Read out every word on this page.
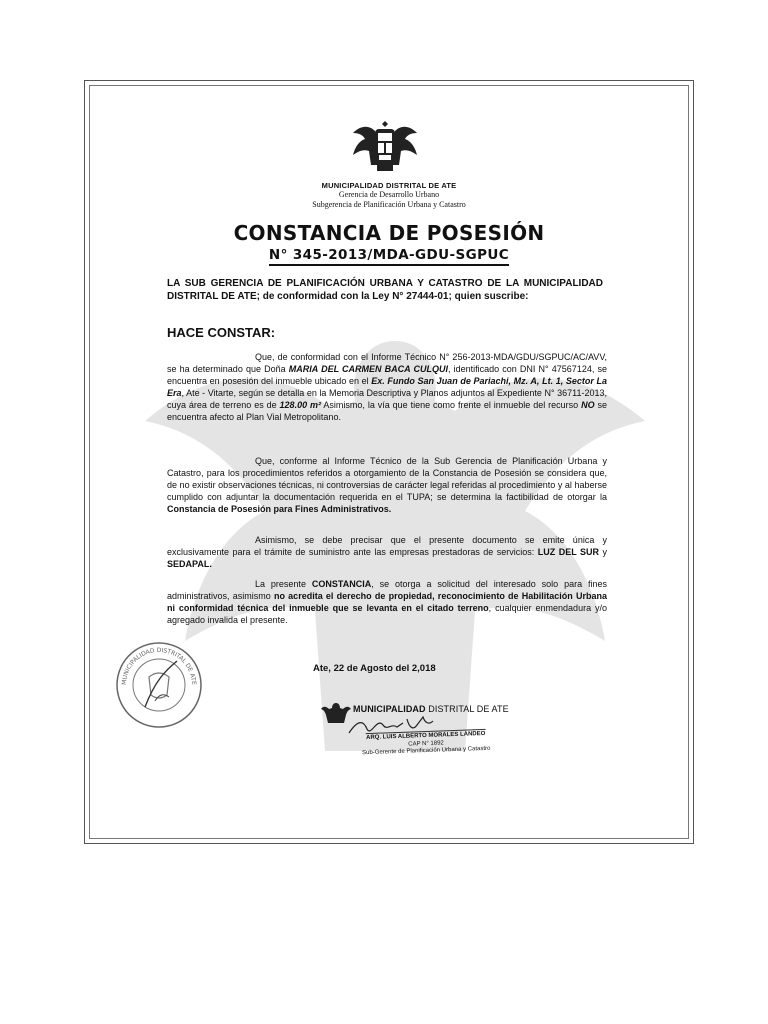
MUNICIPALIDAD DISTRITAL DE ATE
Gerencia de Desarrollo Urbano
Subgerencia de Planificación Urbana y Catastro
CONSTANCIA DE POSESIÓN
N° 345-2013/MDA-GDU-SGPUC
LA SUB GERENCIA DE PLANIFICACIÓN URBANA Y CATASTRO DE LA MUNICIPALIDAD DISTRITAL DE ATE; de conformidad con la Ley N° 27444-01; quien suscribe:
HACE CONSTAR:
Que, de conformidad con el Informe Técnico N° 256-2013-MDA/GDU/SGPUC/AC/AVV, se ha determinado que Doña MARIA DEL CARMEN BACA CULQUI, identificado con DNI N° 47567124, se encuentra en posesión del inmueble ubicado en el Ex. Fundo San Juan de Pariachi, Mz. A, Lt. 1, Sector La Era, Ate - Vitarte, según se detalla en la Memoria Descriptiva y Planos adjuntos al Expediente N° 36711-2013, cuya área de terreno es de 128.00 m² Asimismo, la vía que tiene como frente el inmueble del recurso NO se encuentra afecto al Plan Vial Metropolitano.
Que, conforme al Informe Técnico de la Sub Gerencia de Planificación Urbana y Catastro, para los procedimientos referidos a otorgamiento de la Constancia de Posesión se considera que, de no existir observaciones técnicas, ni controversias de carácter legal referidas al procedimiento y al haberse cumplido con adjuntar la documentación requerida en el TUPA; se determina la factibilidad de otorgar la Constancia de Posesión para Fines Administrativos.
Asimismo, se debe precisar que el presente documento se emite única y exclusivamente para el trámite de suministro ante las empresas prestadoras de servicios: LUZ DEL SUR y SEDAPAL.
La presente CONSTANCIA, se otorga a solicitud del interesado solo para fines administrativos, asimismo no acredita el derecho de propiedad, reconocimiento de Habilitación Urbana ni conformidad técnica del inmueble que se levanta en el citado terreno, cualquier enmendadura y/o agregado invalida el presente.
Ate, 22 de Agosto del 2,018
MUNICIPALIDAD DISTRITAL DE ATE
MUNICIPALIDAD DISTRITAL DE ATE
ARQ. LUIS ALBERTO MORALES LANDEO
CAP N° 1892
Sub-Gerente de Planificación Urbana y Catastro
